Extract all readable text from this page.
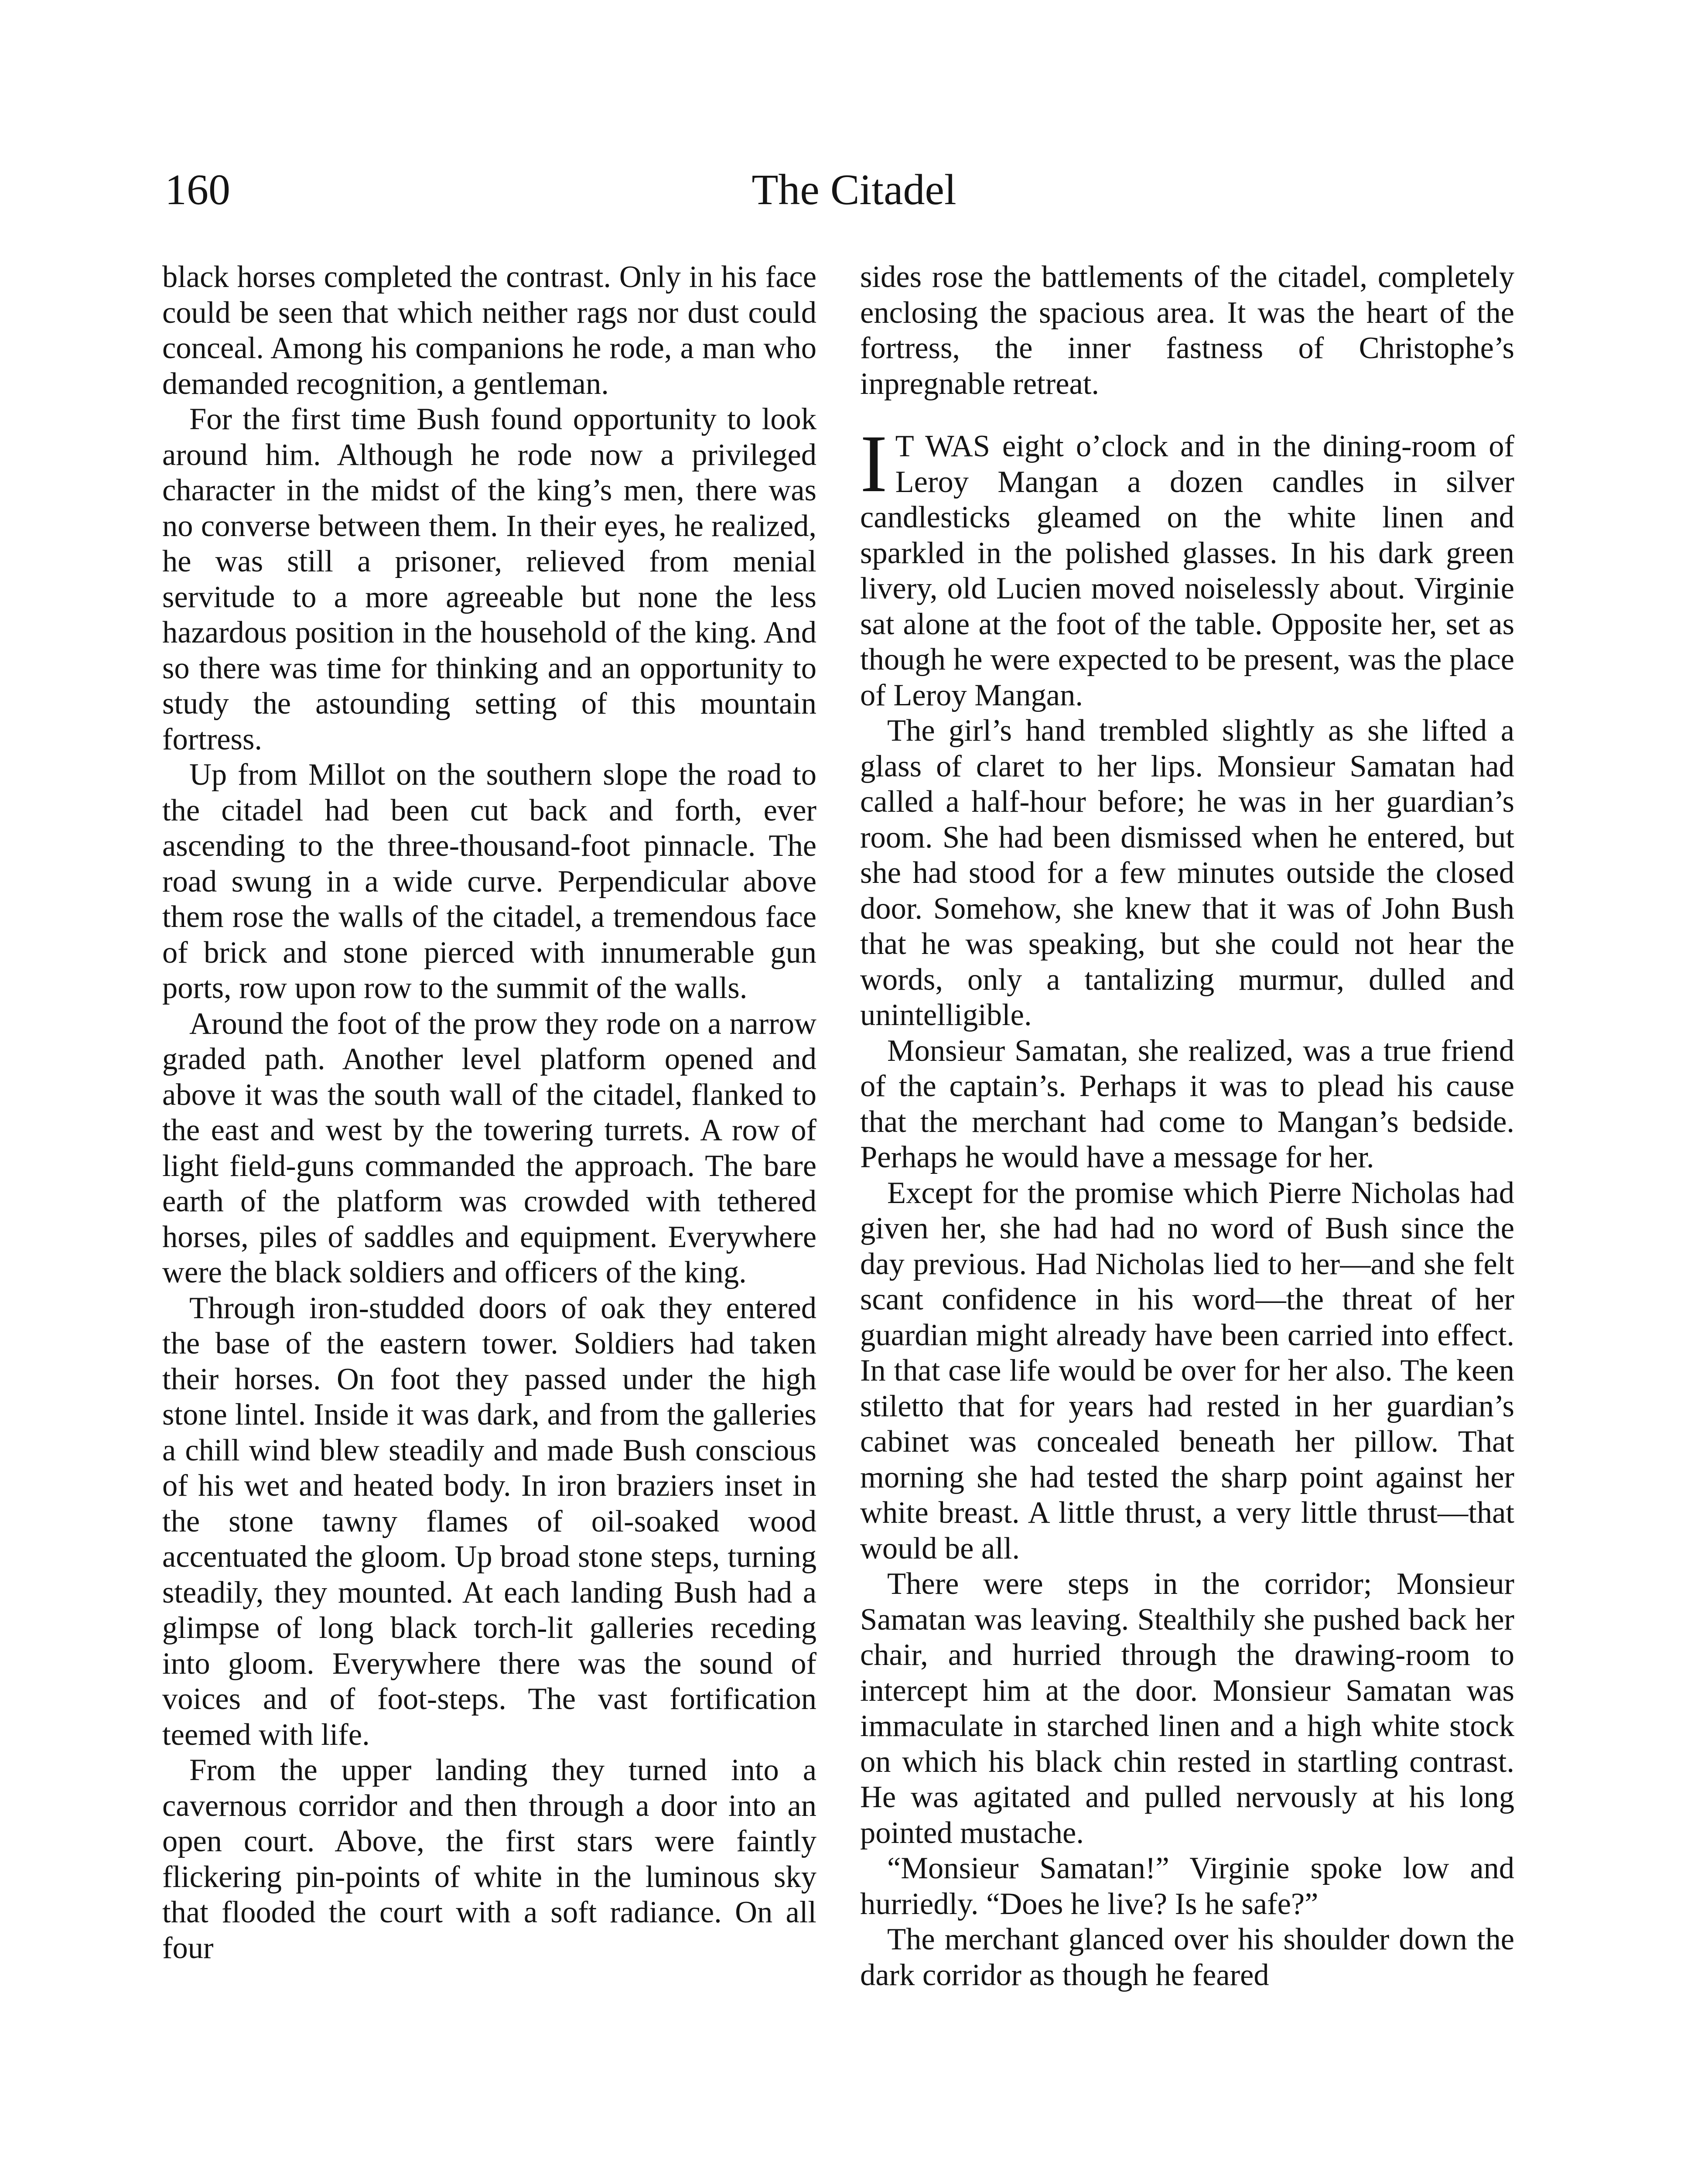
160	The Citadel

black horses completed the contrast. Only in his face could be seen that which neither rags nor dust could conceal. Among his companions he rode, a man who demanded recognition, a gentleman.

For the first time Bush found opportunity to look around him. Although he rode now a privileged character in the midst of the king’s men, there was no converse between them. In their eyes, he realized, he was still a prisoner, relieved from menial servitude to a more agreeable but none the less hazardous position in the household of the king. And so there was time for thinking and an opportunity to study the astounding setting of this mountain fortress.

Up from Millot on the southern slope the road to the citadel had been cut back and forth, ever ascending to the three-thousand-foot pinnacle. The road swung in a wide curve. Perpendicular above them rose the walls of the citadel, a tremendous face of brick and stone pierced with innumerable gun ports, row upon row to the summit of the walls.

Around the foot of the prow they rode on a narrow graded path. Another level platform opened and above it was the south wall of the citadel, flanked to the east and west by the towering turrets. A row of light field-guns commanded the approach. The bare earth of the platform was crowded with tethered horses, piles of saddles and equipment. Everywhere were the black soldiers and officers of the king.

Through iron-studded doors of oak they entered the base of the eastern tower. Soldiers had taken their horses. On foot they passed under the high stone lintel. Inside it was dark, and from the galleries a chill wind blew steadily and made Bush conscious of his wet and heated body. In iron braziers inset in the stone tawny flames of oil-soaked wood accentuated the gloom. Up broad stone steps, turning steadily, they mounted. At each landing Bush had a glimpse of long black torch-lit galleries receding into gloom. Everywhere there was the sound of voices and of foot-steps. The vast fortification teemed with life.

From the upper landing they turned into a cavernous corridor and then through a door into an open court. Above, the first stars were faintly flickering pin-points of white in the luminous sky that flooded the court with a soft radiance. On all four

sides rose the battlements of the citadel, completely enclosing the spacious area. It was the heart of the fortress, the inner fastness of Christophe’s inpregnable retreat.

I T WAS eight o’clock and in the dining-room of Leroy Mangan a dozen candles in silver candlesticks gleamed on the white linen and sparkled in the polished glasses. In his dark green livery, old Lucien moved noiselessly about. Virginie sat alone at the foot of the table. Opposite her, set as though he were expected to be present, was the place of Leroy Mangan.

The girl’s hand trembled slightly as she lifted a glass of claret to her lips. Monsieur Samatan had called a half-hour before; he was in her guardian’s room. She had been dismissed when he entered, but she had stood for a few minutes outside the closed door. Somehow, she knew that it was of John Bush that he was speaking, but she could not hear the words, only a tantalizing murmur, dulled and unintelligible.

Monsieur Samatan, she realized, was a true friend of the captain’s. Perhaps it was to plead his cause that the merchant had come to Mangan’s bedside. Perhaps he would have a message for her.

Except for the promise which Pierre Nicholas had given her, she had had no word of Bush since the day previous. Had Nicholas lied to her—and she felt scant confidence in his word—the threat of her guardian might already have been carried into effect. In that case life would be over for her also. The keen stiletto that for years had rested in her guardian’s cabinet was concealed beneath her pillow. That morning she had tested the sharp point against her white breast. A little thrust, a very little thrust—that would be all.

There were steps in the corridor; Monsieur Samatan was leaving. Stealthily she pushed back her chair, and hurried through the drawing-room to intercept him at the door. Monsieur Samatan was immaculate in starched linen and a high white stock on which his black chin rested in startling contrast. He was agitated and pulled nervously at his long pointed mustache.

“Monsieur Samatan!” Virginie spoke low and hurriedly. “Does he live? Is he safe?”

The merchant glanced over his shoulder down the dark corridor as though he feared
